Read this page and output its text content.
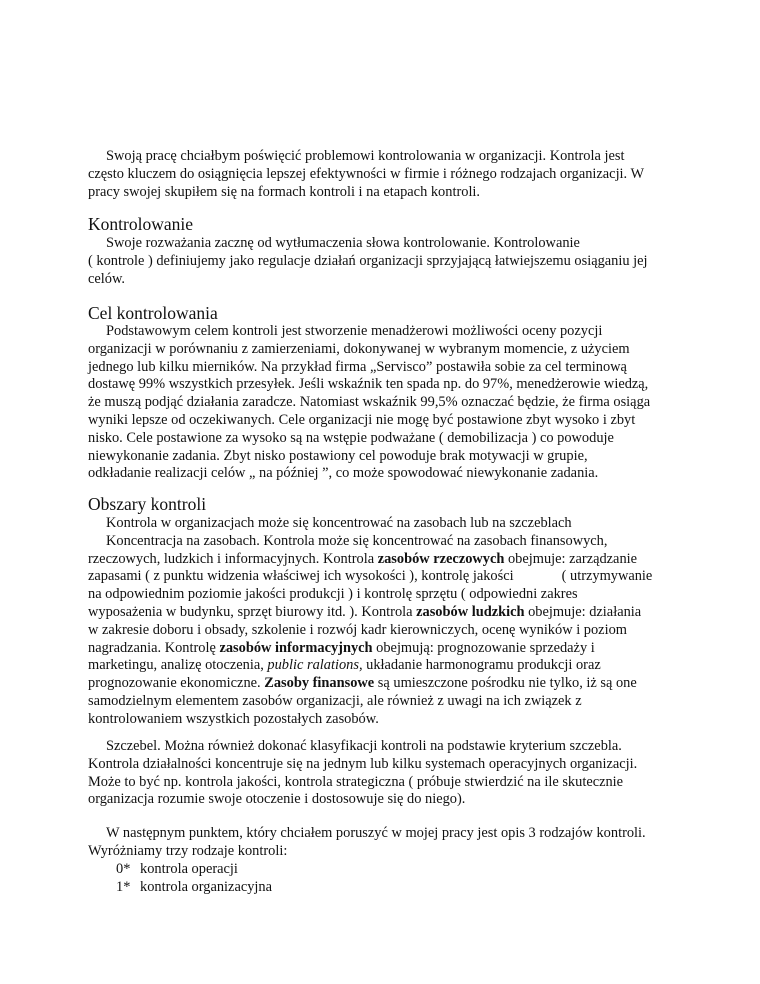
Swoją pracę chciałbym poświęcić problemowi kontrolowania w organizacji. Kontrola jest

często kluczem do osiągnięcia lepszej efektywności w firmie i różnego rodzajach organizacji. W

pracy swojej skupiłem się na formach kontroli i na etapach kontroli.

Kontrolowanie

Swoje rozważania zacznę od wytłumaczenia słowa kontrolowanie. Kontrolowanie

( kontrole ) definiujemy jako regulacje działań organizacji sprzyjającą łatwiejszemu osiąganiu jej

celów.

Cel kontrolowania

Podstawowym celem kontroli jest stworzenie menadżerowi możliwości oceny pozycji

organizacji w porównaniu z zamierzeniami, dokonywanej w wybranym momencie, z użyciem

jednego lub kilku mierników. Na przykład firma „Servisco” postawiła sobie za cel terminową

dostawę 99% wszystkich przesyłek. Jeśli wskaźnik ten spada np. do 97%, menedżerowie wiedzą,

że muszą podjąć działania zaradcze. Natomiast wskaźnik 99,5% oznaczać będzie, że firma osiąga

wyniki lepsze od oczekiwanych. Cele organizacji nie mogę być postawione zbyt wysoko i zbyt

nisko. Cele postawione za wysoko są na wstępie podważane ( demobilizacja ) co powoduje

niewykonanie zadania. Zbyt nisko postawiony cel powoduje brak motywacji w grupie,

odkładanie realizacji celów „ na później ”, co może spowodować niewykonanie zadania.

Obszary kontroli

Kontrola w organizacjach może się koncentrować na zasobach lub na szczeblach

Koncentracja na zasobach. Kontrola może się koncentrować na zasobach finansowych,

rzeczowych, ludzkich i informacyjnych. Kontrola zasobów rzeczowych obejmuje: zarządzanie

zapasami ( z punktu widzenia właściwej ich wysokości ), kontrolę jakości	( utrzymywanie

na odpowiednim poziomie jakości produkcji ) i kontrolę sprzętu ( odpowiedni zakres

wyposażenia w budynku, sprzęt biurowy itd. ). Kontrola zasobów ludzkich obejmuje: działania

w zakresie doboru i obsady, szkolenie i rozwój kadr kierowniczych, ocenę wyników i poziom

nagradzania. Kontrolę zasobów informacyjnych obejmują: prognozowanie sprzedaży i

marketingu, analizę otoczenia, public ralations, układanie harmonogramu produkcji oraz

prognozowanie ekonomiczne. Zasoby finansowe są umieszczone pośrodku nie tylko, iż są one

samodzielnym elementem zasobów organizacji, ale również z uwagi na ich związek z

kontrolowaniem wszystkich pozostałych zasobów.

Szczebel. Można również dokonać klasyfikacji kontroli na podstawie kryterium szczebla.

Kontrola działalności koncentruje się na jednym lub kilku systemach operacyjnych organizacji.

Może to być np. kontrola jakości, kontrola strategiczna ( próbuje stwierdzić na ile skutecznie

organizacja rozumie swoje otoczenie i dostosowuje się do niego).

W następnym punktem, który chciałem poruszyć w mojej pracy jest opis 3 rodzajów kontroli.

Wyróżniamy trzy rodzaje kontroli:

0* kontrola operacji
1* kontrola organizacyjna
